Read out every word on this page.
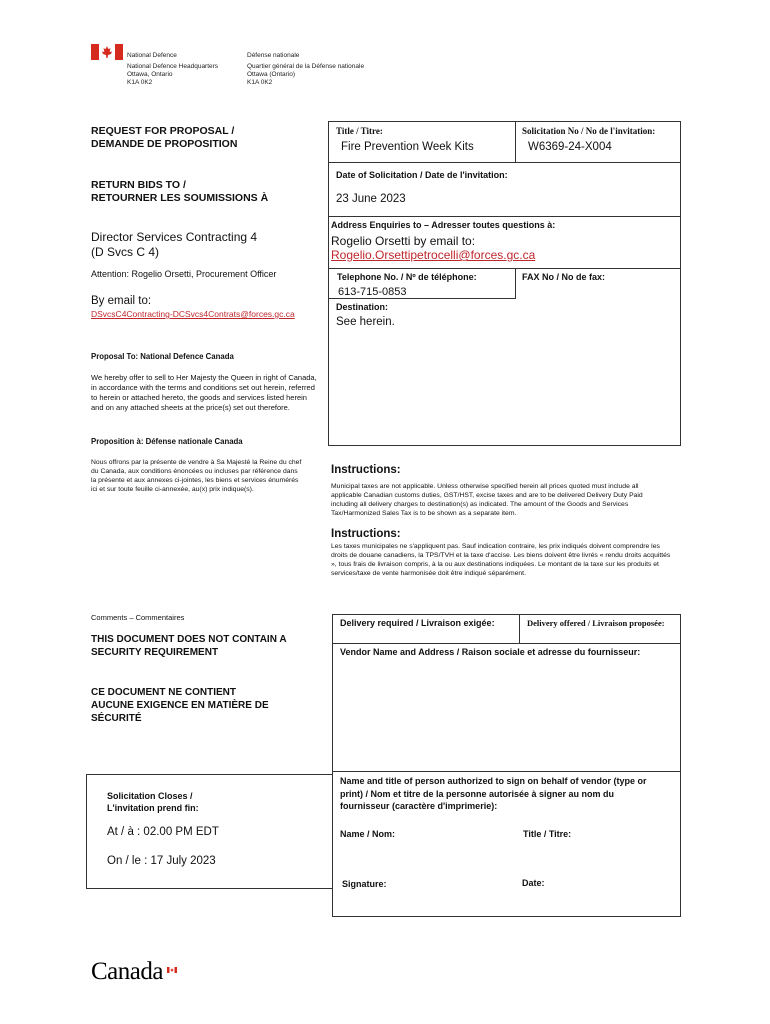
National Defence
National Defence Headquarters
Ottawa, Ontario
K1A 0K2
Défense nationale
Quartier général de la Défense nationale
Ottawa (Ontario)
K1A 0K2
REQUEST FOR PROPOSAL /
DEMANDE DE PROPOSITION
RETURN BIDS TO /
RETOURNER LES SOUMISSIONS À
Director Services Contracting 4
(D Svcs C 4)
Attention: Rogelio Orsetti, Procurement Officer
By email to:
DSvcsC4Contracting-DCSvcs4Contrats@forces.gc.ca
Proposal To: National Defence Canada
We hereby offer to sell to Her Majesty the Queen in right of Canada, in accordance with the terms and conditions set out herein, referred to herein or attached hereto, the goods and services listed herein and on any attached sheets at the price(s) set out therefore.
Proposition à: Défense nationale Canada
Nous offrons par la présente de vendre à Sa Majesté la Reine du chef du Canada, aux conditions énoncées ou incluses par référence dans la présente et aux annexes ci-jointes, les biens et services énumérés ici et sur toute feuille ci-annexée, au(x) prix indique(s).
Comments – Commentaires
THIS DOCUMENT DOES NOT CONTAIN A
SECURITY REQUIREMENT
CE DOCUMENT NE CONTIENT
AUCUNE EXIGENCE EN MATIÈRE DE
SÉCURITÉ
Solicitation Closes /
L'invitation prend fin:
At / à : 02.00 PM EDT
On / le : 17 July 2023
Title / Titre:
Fire Prevention Week Kits
Solicitation No / No de l'invitation:
W6369-24-X004
Date of Solicitation / Date de l'invitation:
23 June 2023
Address Enquiries to – Adresser toutes questions à:
Rogelio Orsetti by email to:
Rogelio.Orsettipetrocelli@forces.gc.ca
Telephone No. / Nº de téléphone:
613-715-0853
FAX No / No de fax:
Destination:
See herein.
Instructions:
Municipal taxes are not applicable. Unless otherwise specified herein all prices quoted must include all applicable Canadian customs duties, GST/HST, excise taxes and are to be delivered Delivery Duty Paid including all delivery charges to destination(s) as indicated. The amount of the Goods and Services Tax/Harmonized Sales Tax is to be shown as a separate item.
Instructions:
Les taxes municipales ne s'appliquent pas. Sauf indication contraire, les prix indiqués doivent comprendre les droits de douane canadiens, la TPS/TVH et la taxe d'accise. Les biens doivent être livrés « rendu droits acquittés », tous frais de livraison compris, à la ou aux destinations indiquées. Le montant de la taxe sur les produits et services/taxe de vente harmonisée doit être indiqué séparément.
Delivery required / Livraison exigée:	Delivery offered / Livraison proposée:
Vendor Name and Address / Raison sociale et adresse du fournisseur:
Name and title of person authorized to sign on behalf of vendor (type or print) / Nom et titre de la personne autorisée à signer au nom du fournisseur (caractère d'imprimerie):
Name / Nom:	Title / Titre:
Signature:	Date:
Canada
